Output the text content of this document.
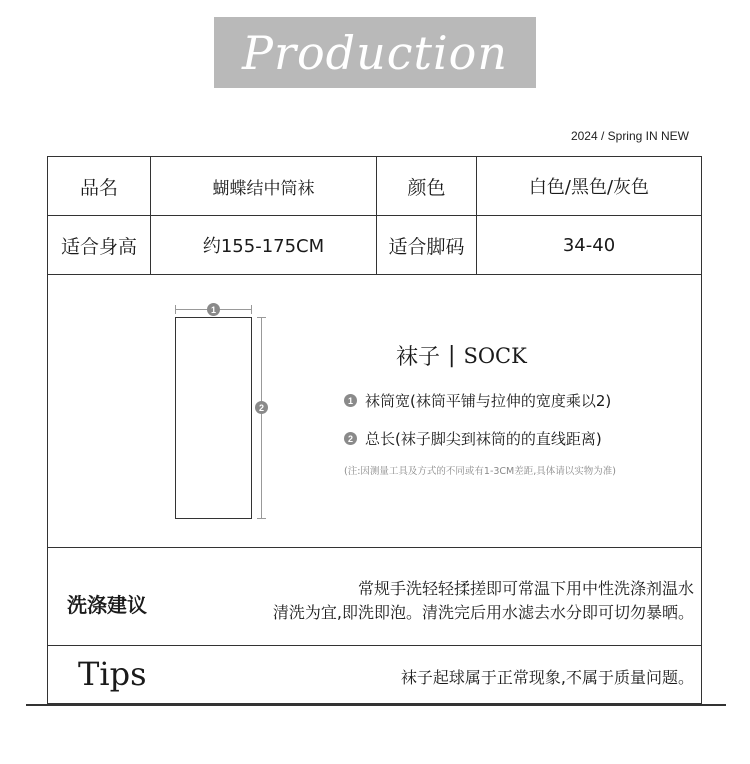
Production
2024 / Spring IN NEW
品名	蝴蝶结中筒袜	颜色	白色/黑色/灰色
适合身高	约155-175CM	适合脚码	34-40
1
2
袜子 | SOCK
1 袜筒宽(袜筒平铺与拉伸的宽度乘以2)
2 总长(袜子脚尖到袜筒的的直线距离)
(注:因测量工具及方式的不同或有1-3CM差距,具体请以实物为准)
洗涤建议
常规手洗轻轻揉搓即可常温下用中性洗涤剂温水
清洗为宜,即洗即泡。清洗完后用水滤去水分即可切勿暴晒。
Tips	袜子起球属于正常现象,不属于质量问题。
